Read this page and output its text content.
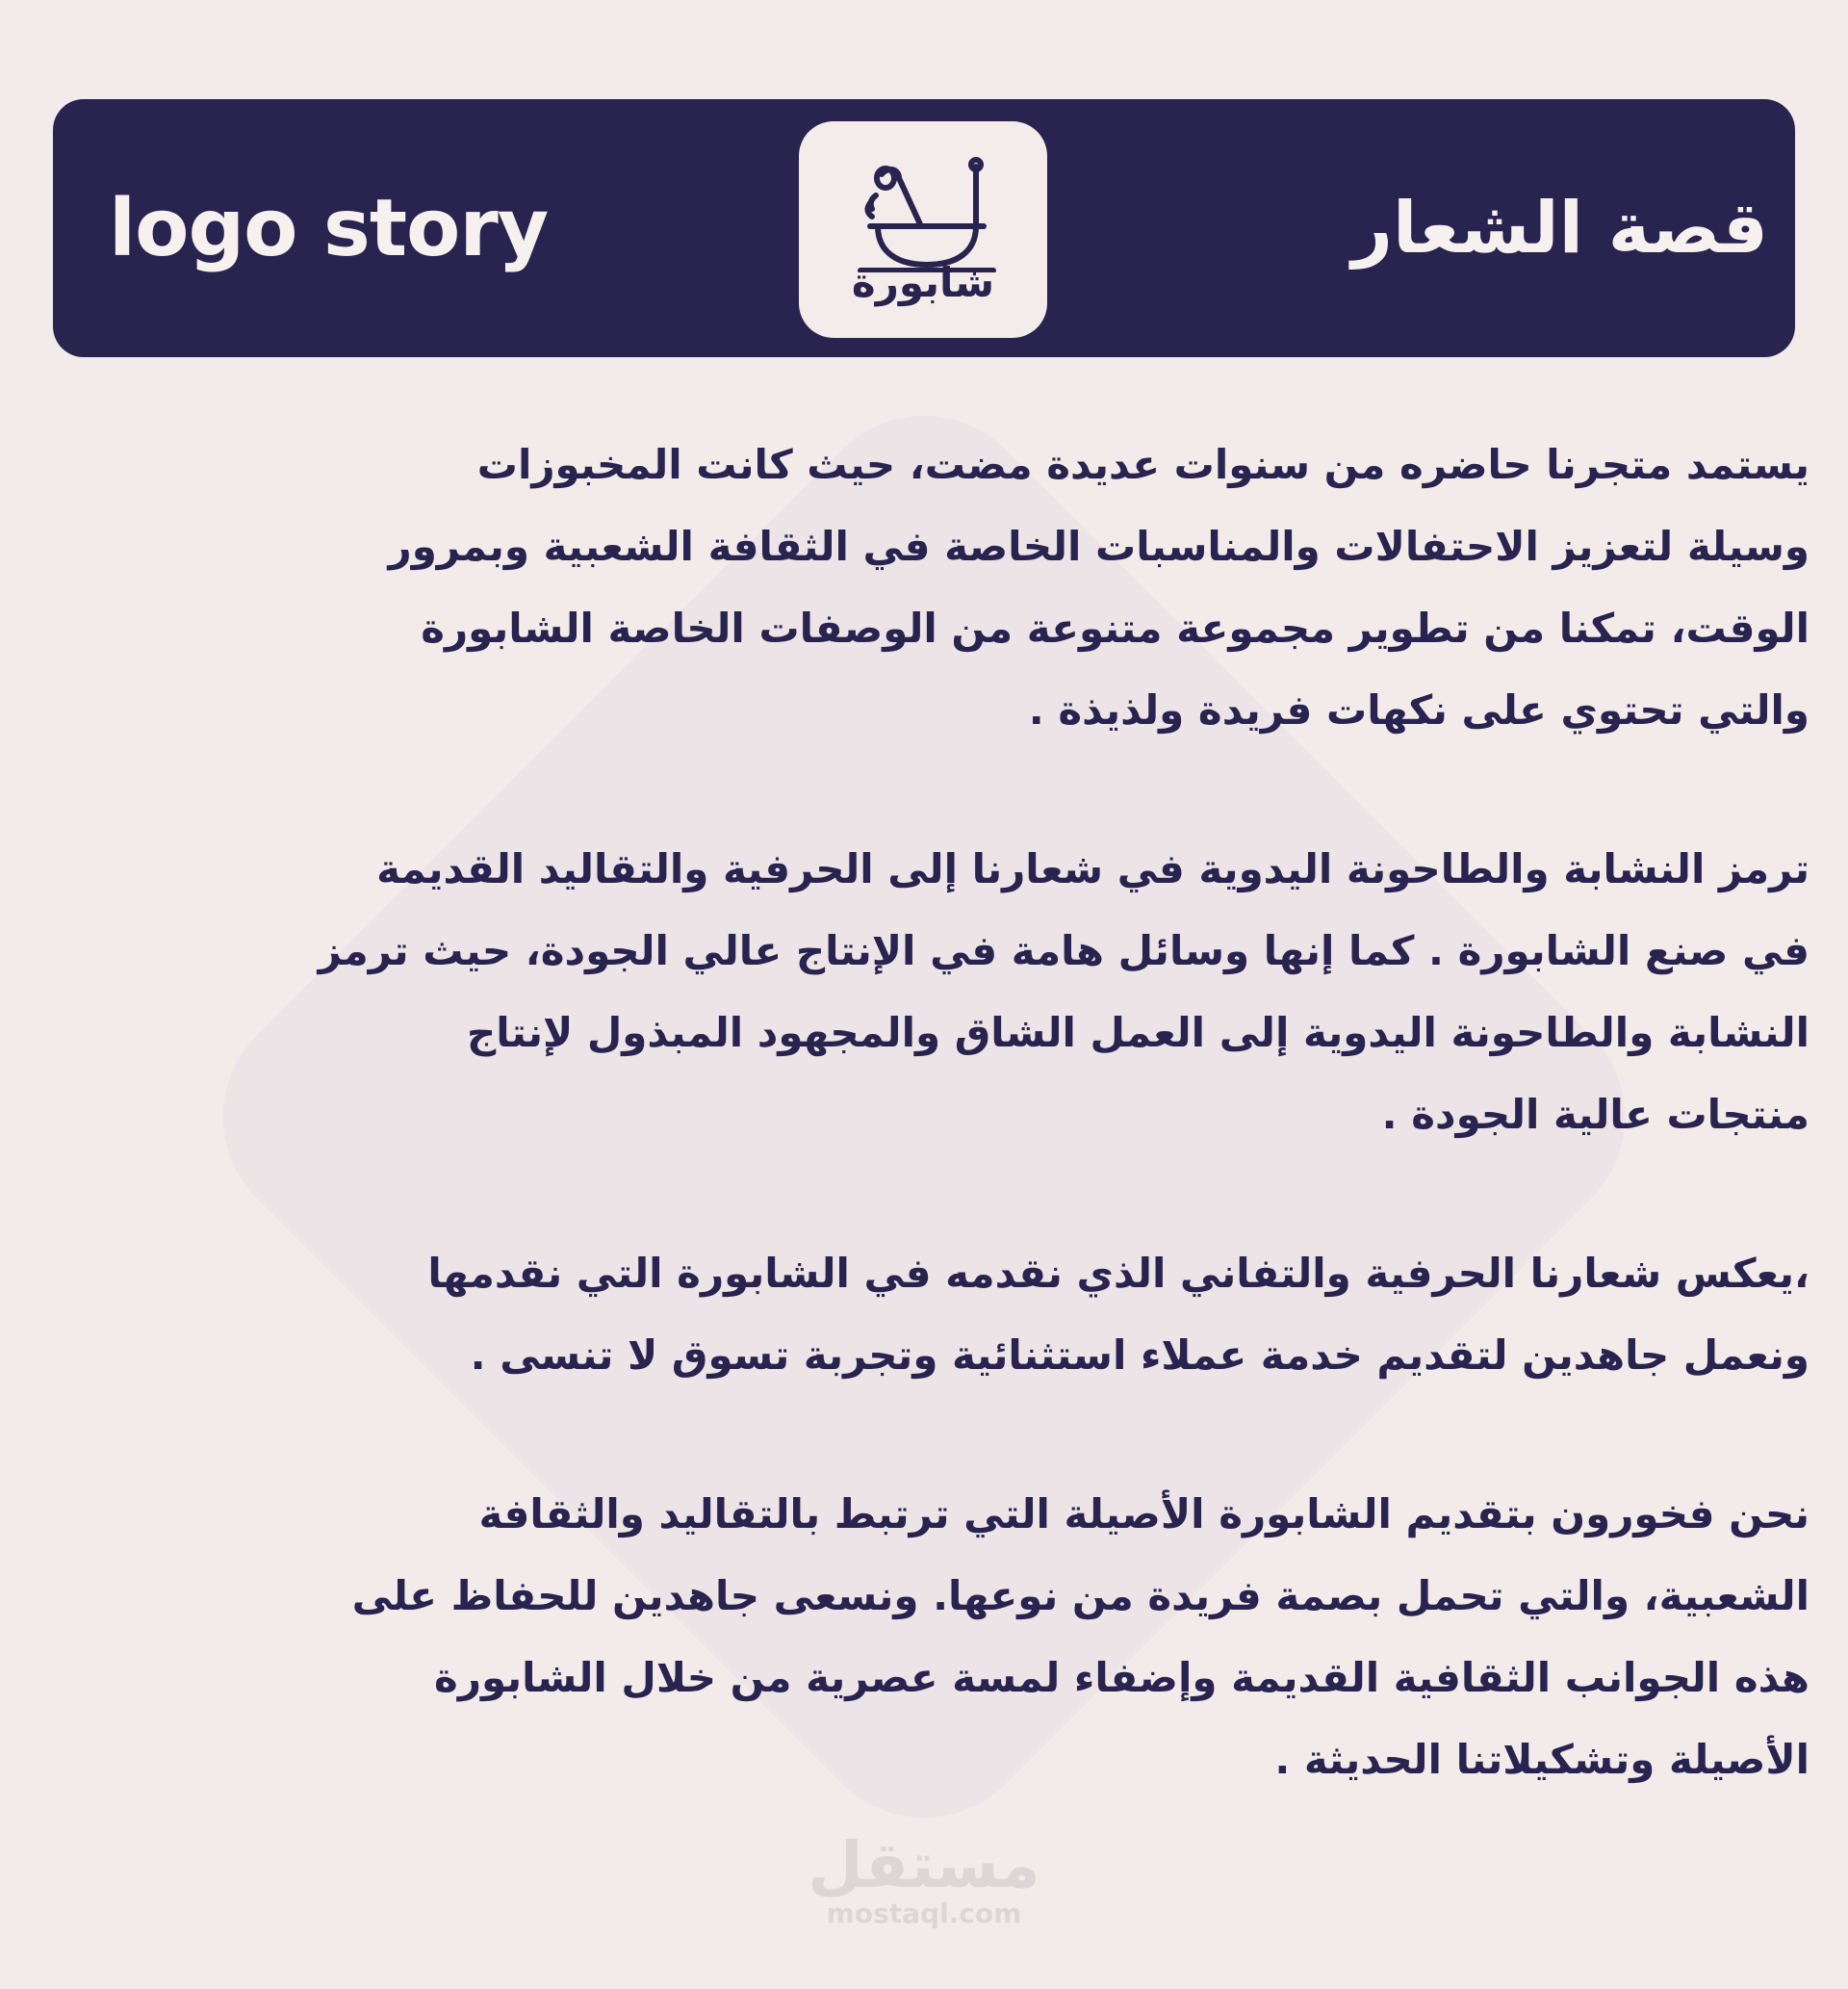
logo story
شابورة
قصة الشعار

يستمد متجرنا حاضره من سنوات عديدة مضت، حيث كانت المخبوزات
وسيلة لتعزيز الاحتفالات والمناسبات الخاصة في الثقافة الشعبية وبمرور
الوقت، تمكنا من تطوير مجموعة متنوعة من الوصفات الخاصة الشابورة
والتي تحتوي على نكهات فريدة ولذيذة .

ترمز النشابة والطاحونة اليدوية في شعارنا إلى الحرفية والتقاليد القديمة
في صنع الشابورة . كما إنها وسائل هامة في الإنتاج عالي الجودة، حيث ترمز
النشابة والطاحونة اليدوية إلى العمل الشاق والمجهود المبذول لإنتاج
منتجات عالية الجودة .

،يعكس شعارنا الحرفية والتفاني الذي نقدمه في الشابورة التي نقدمها
ونعمل جاهدين لتقديم خدمة عملاء استثنائية وتجربة تسوق لا تنسى .

نحن فخورون بتقديم الشابورة الأصيلة التي ترتبط بالتقاليد والثقافة
الشعبية، والتي تحمل بصمة فريدة من نوعها. ونسعى جاهدين للحفاظ على
هذه الجوانب الثقافية القديمة وإضفاء لمسة عصرية من خلال الشابورة
الأصيلة وتشكيلاتنا الحديثة .

مستقل
mostaql.com
